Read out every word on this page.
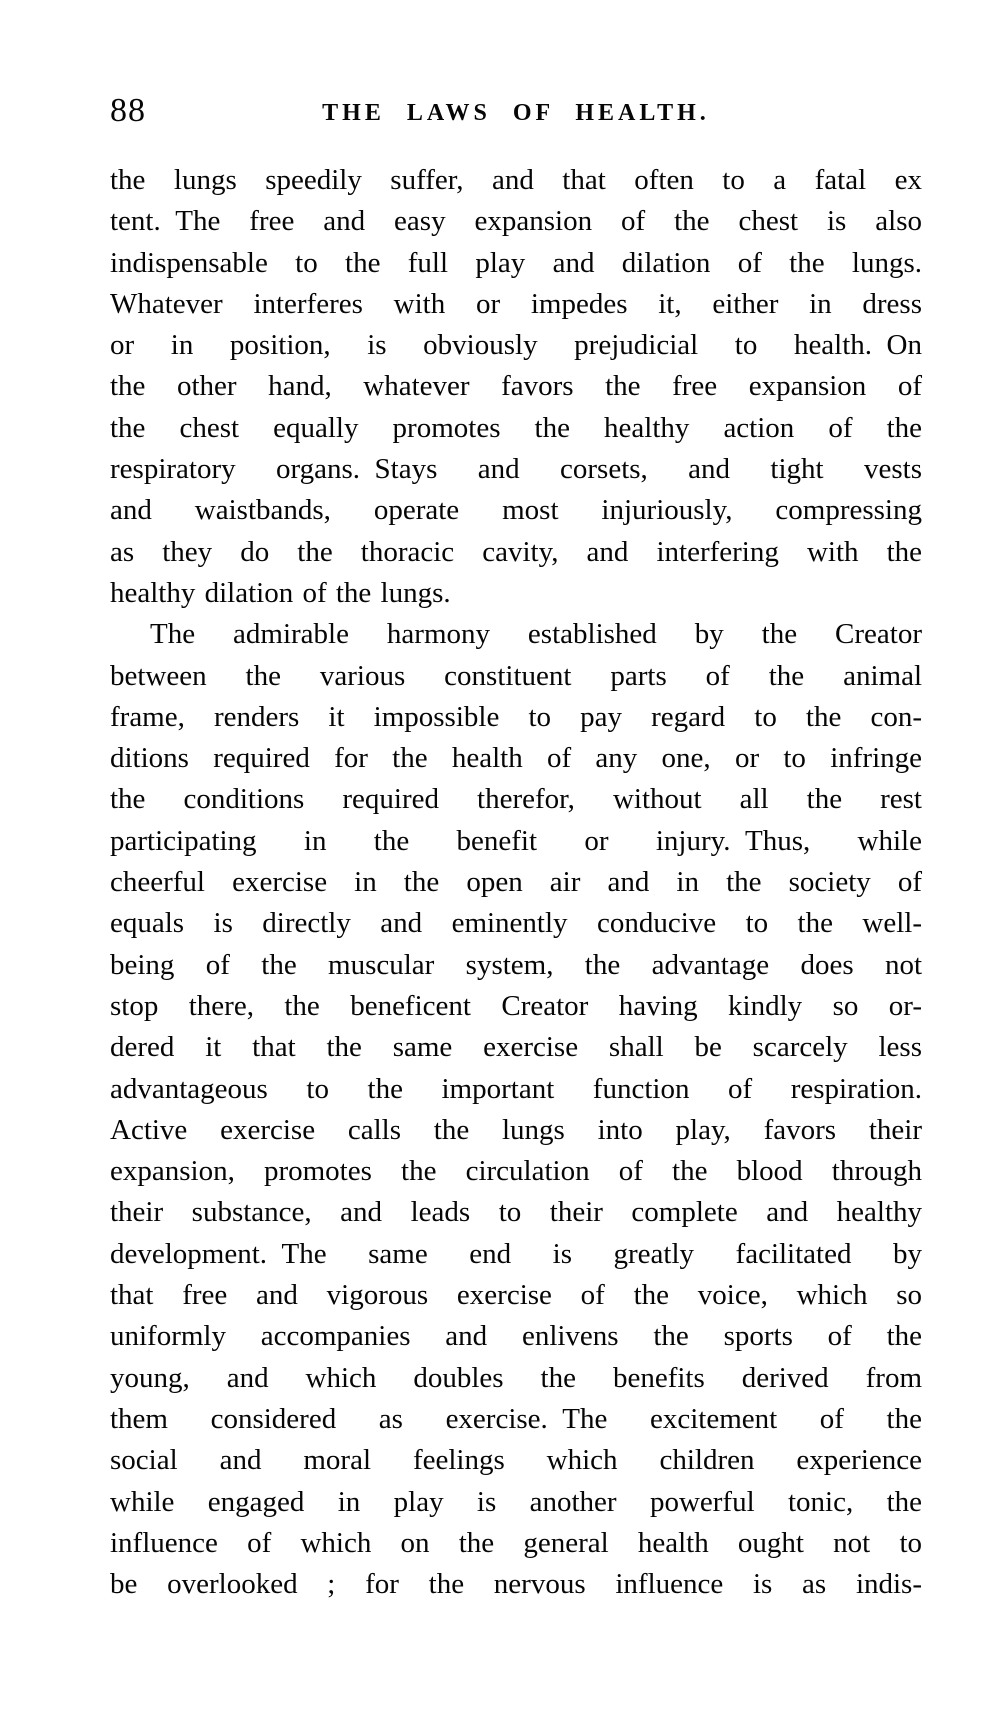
88	THE LAWS OF HEALTH.
the lungs speedily suffer, and that often to a fatal ex
tent. The free and easy expansion of the chest is also
indispensable to the full play and dilation of the lungs.
Whatever interferes with or impedes it, either in dress
or in position, is obviously prejudicial to health. On
the other hand, whatever favors the free expansion of
the chest equally promotes the healthy action of the
respiratory organs. Stays and corsets, and tight vests
and waistbands, operate most injuriously, compressing
as they do the thoracic cavity, and interfering with the
healthy dilation of the lungs.
The admirable harmony established by the Creator
between the various constituent parts of the animal
frame, renders it impossible to pay regard to the con-
ditions required for the health of any one, or to infringe
the conditions required therefor, without all the rest
participating in the benefit or injury. Thus, while
cheerful exercise in the open air and in the society of
equals is directly and eminently conducive to the well-
being of the muscular system, the advantage does not
stop there, the beneficent Creator having kindly so or-
dered it that the same exercise shall be scarcely less
advantageous to the important function of respiration.
Active exercise calls the lungs into play, favors their
expansion, promotes the circulation of the blood through
their substance, and leads to their complete and healthy
development. The same end is greatly facilitated by
that free and vigorous exercise of the voice, which so
uniformly accompanies and enlivens the sports of the
young, and which doubles the benefits derived from
them considered as exercise. The excitement of the
social and moral feelings which children experience
while engaged in play is another powerful tonic, the
influence of which on the general health ought not to
be overlooked ; for the nervous influence is as indis-
